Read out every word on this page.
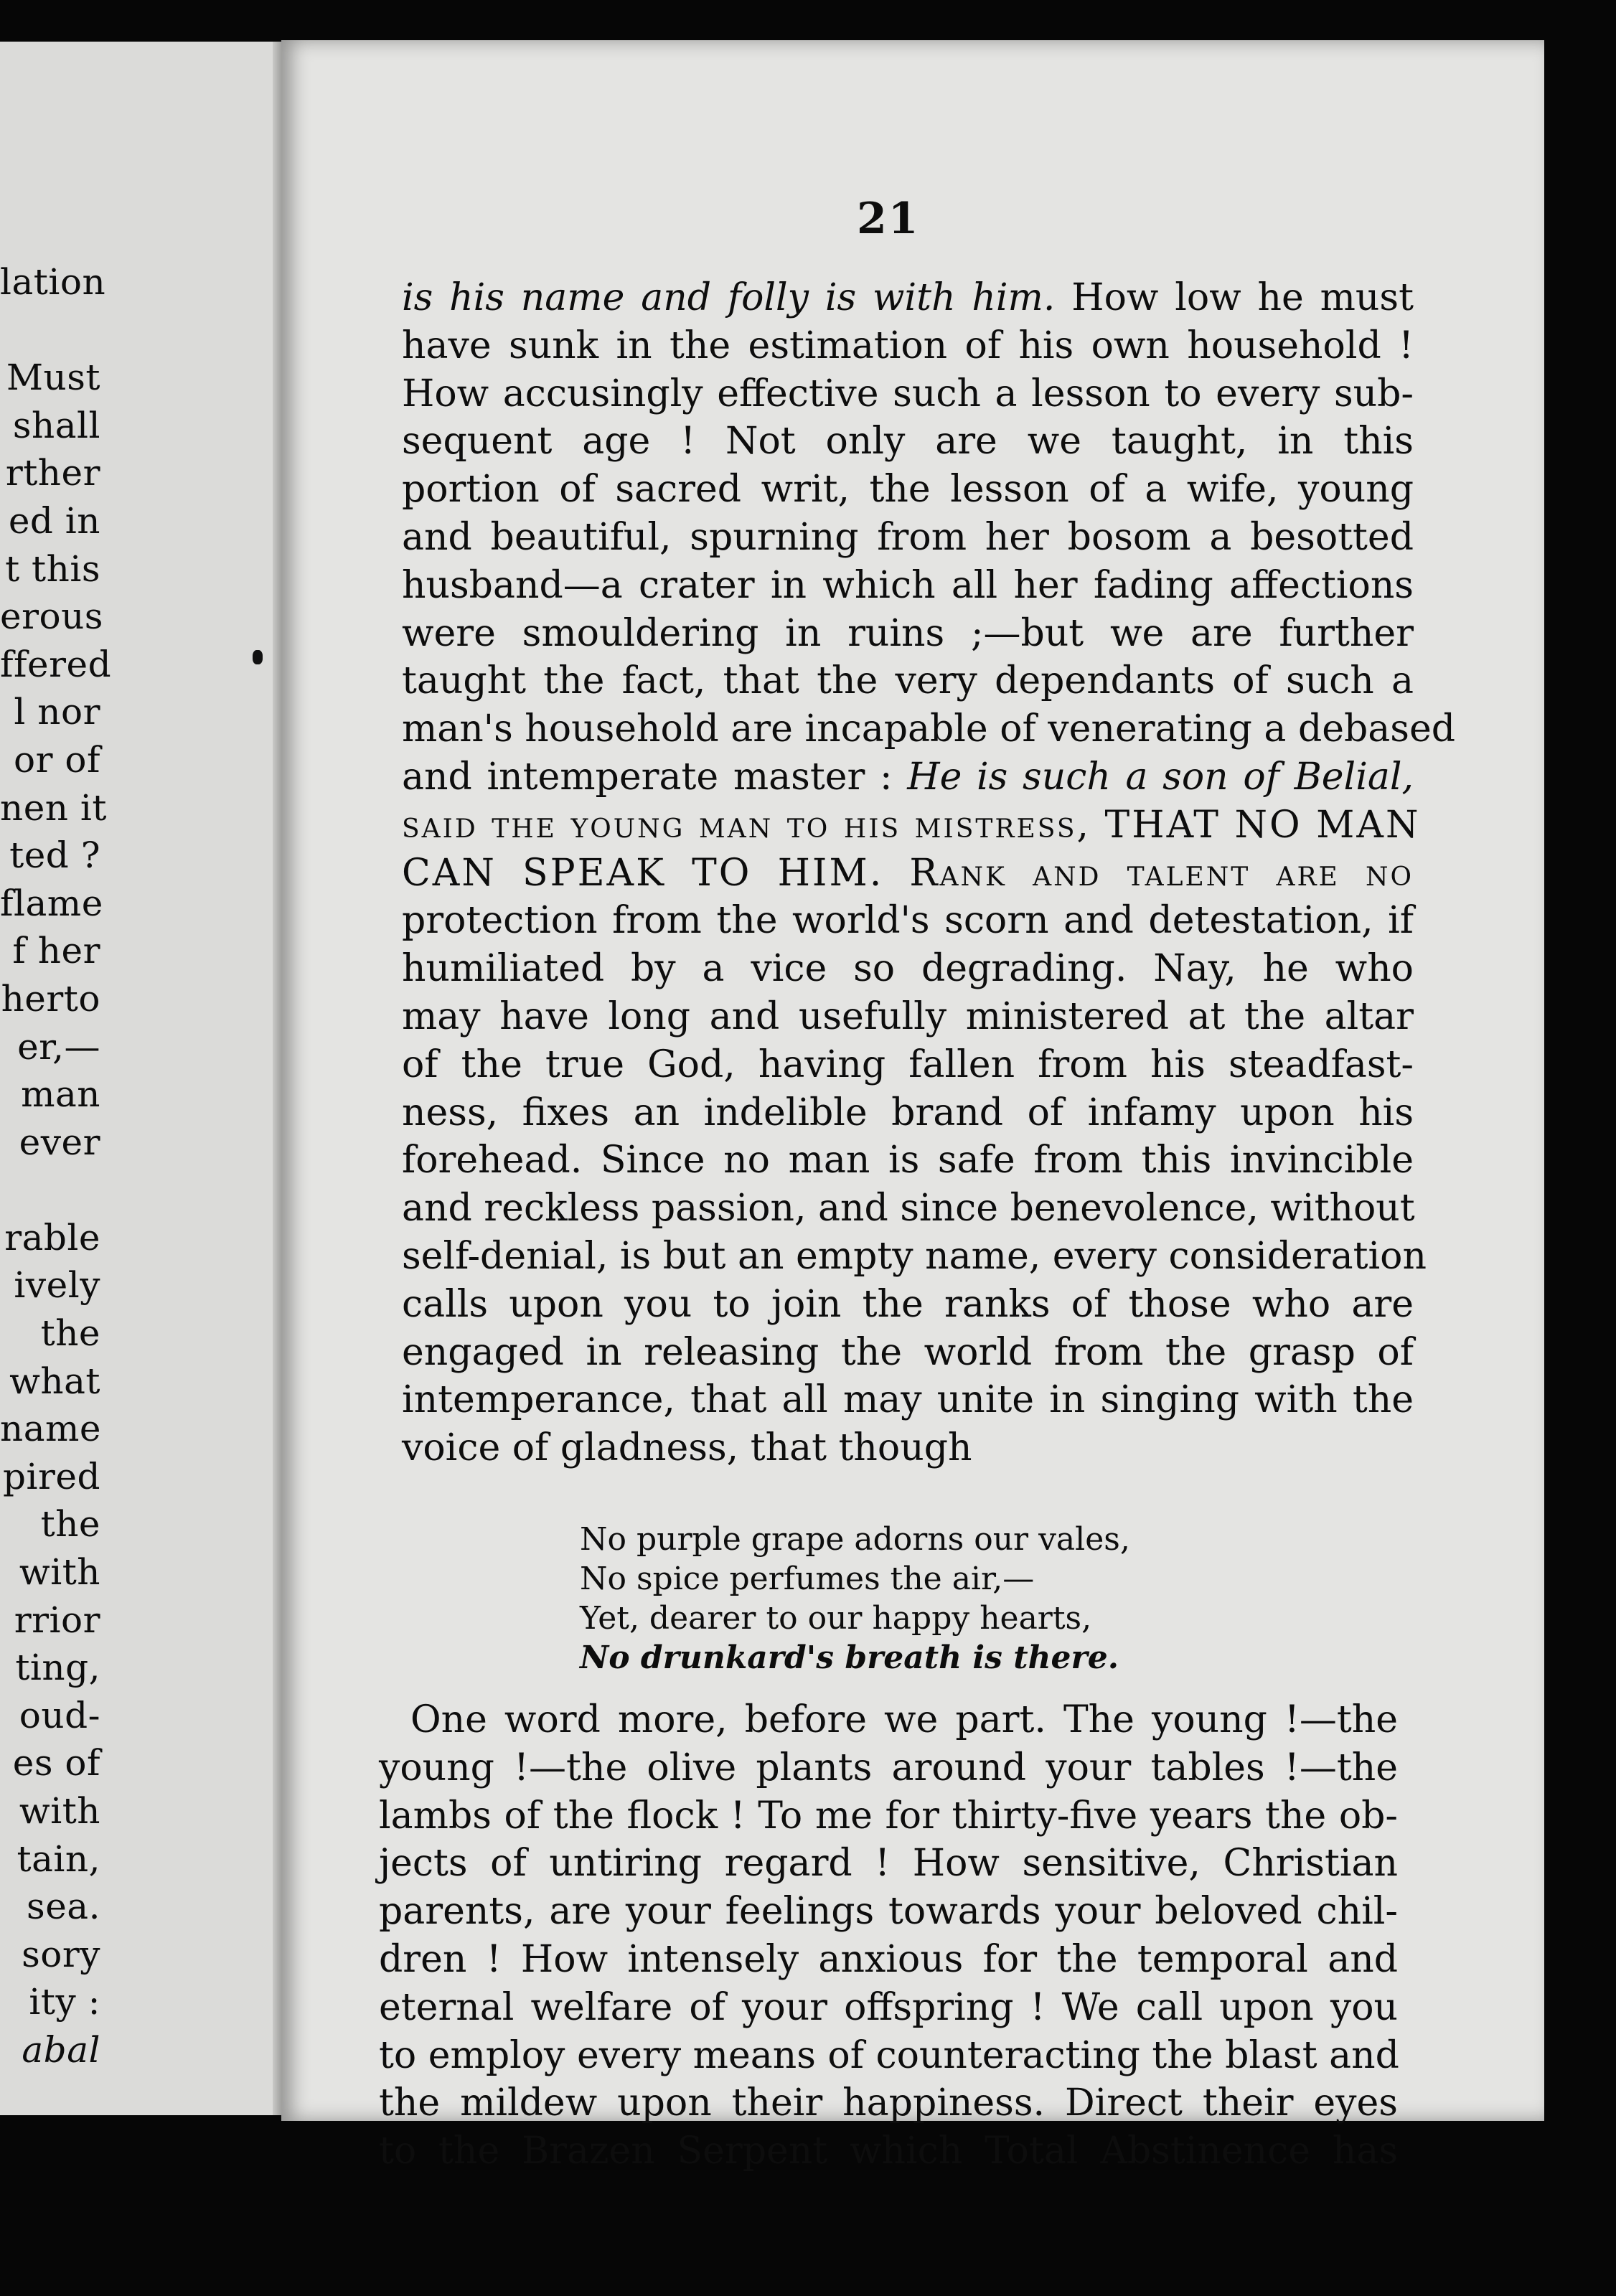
lation
Must
shall
rther
ed in
t this
erous
ffered
l nor
or of
nen it
ted ?
flame
f her
herto
er,—
man
ever
rable
ively
the
what
name
pired
the
with
rrior
ting,
oud-
es of
with
tain,
sea.
sory
ity :
abal
21
is his name and folly is with him. How low he must
have sunk in the estimation of his own household !
How accusingly effective such a lesson to every sub-
sequent age ! Not only are we taught, in this
portion of sacred writ, the lesson of a wife, young
and beautiful, spurning from her bosom a besotted
husband—a crater in which all her fading affections
were smouldering in ruins ;—but we are further
taught the fact, that the very dependants of such a
man's household are incapable of venerating a debased
and intemperate master : He is such a son of Belial,
said the young man to his mistress, THAT NO MAN
CAN SPEAK TO HIM. Rank and talent are no
protection from the world's scorn and detestation, if
humiliated by a vice so degrading. Nay, he who
may have long and usefully ministered at the altar
of the true God, having fallen from his steadfast-
ness, fixes an indelible brand of infamy upon his
forehead. Since no man is safe from this invincible
and reckless passion, and since benevolence, without
self-denial, is but an empty name, every consideration
calls upon you to join the ranks of those who are
engaged in releasing the world from the grasp of
intemperance, that all may unite in singing with the
voice of gladness, that though
No purple grape adorns our vales,
No spice perfumes the air,—
Yet, dearer to our happy hearts,
No drunkard's breath is there.
One word more, before we part. The young !—the
young !—the olive plants around your tables !—the
lambs of the flock ! To me for thirty-five years the ob-
jects of untiring regard ! How sensitive, Christian
parents, are your feelings towards your beloved chil-
dren ! How intensely anxious for the temporal and
eternal welfare of your offspring ! We call upon you
to employ every means of counteracting the blast and
the mildew upon their happiness. Direct their eyes
to the Brazen Serpent which Total Abstinence has
